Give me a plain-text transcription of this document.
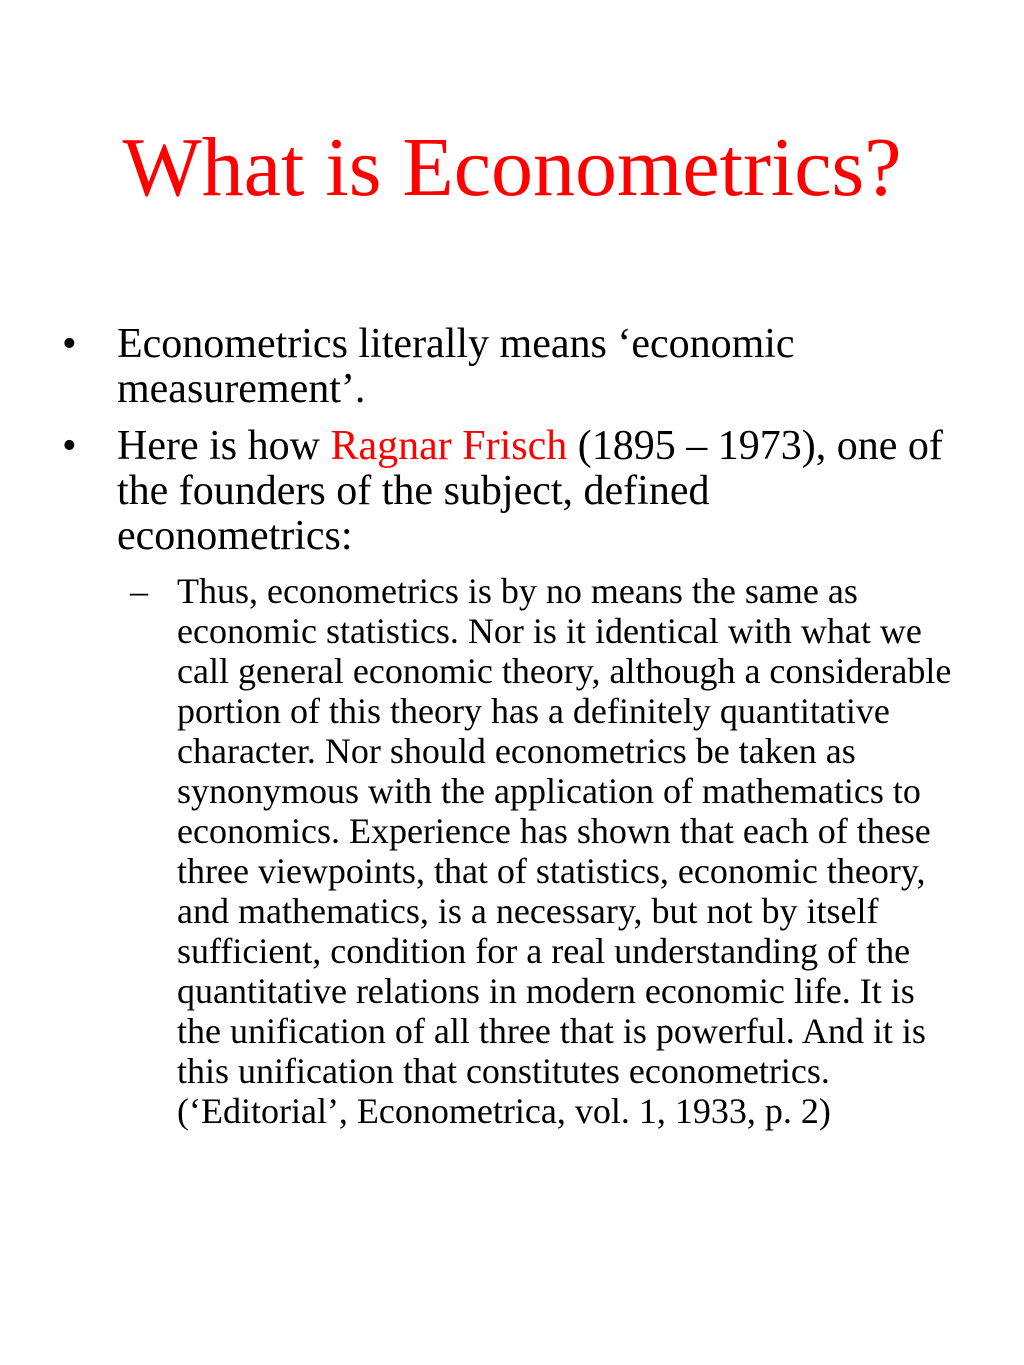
What is Econometrics?
• Econometrics literally means ‘economic measurement’.
• Here is how Ragnar Frisch (1895 – 1973), one of the founders of the subject, defined econometrics:
– Thus, econometrics is by no means the same as economic statistics. Nor is it identical with what we call general economic theory, although a considerable portion of this theory has a definitely quantitative character. Nor should econometrics be taken as synonymous with the application of mathematics to economics. Experience has shown that each of these three viewpoints, that of statistics, economic theory, and mathematics, is a necessary, but not by itself sufficient, condition for a real understanding of the quantitative relations in modern economic life. It is the unification of all three that is powerful. And it is this unification that constitutes econometrics. (‘Editorial’, Econometrica, vol. 1, 1933, p. 2)
